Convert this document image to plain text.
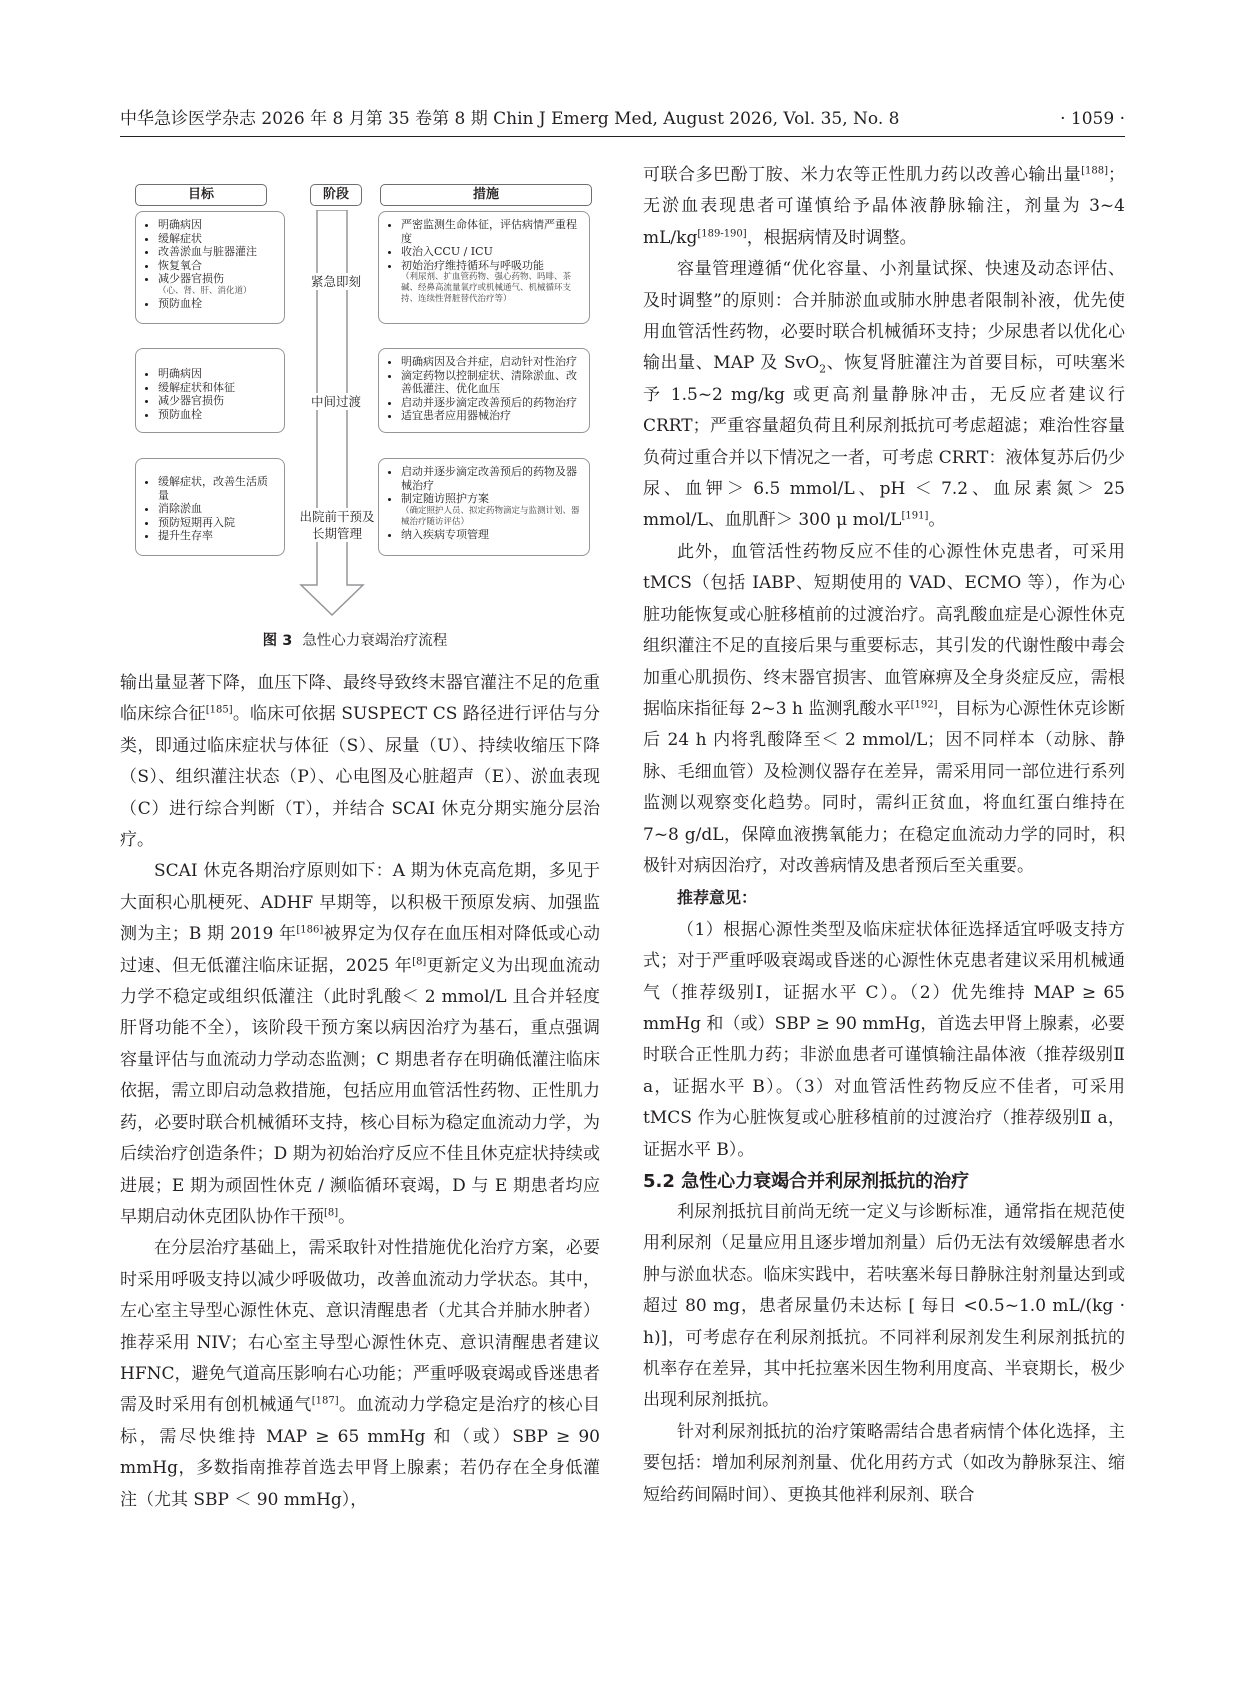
中华急诊医学杂志 2026 年 8 月第 35 卷第 8 期 Chin J Emerg Med, August 2026, Vol. 35, No. 8	· 1059 ·
目标	阶段	措施
紧急即刻
中间过渡
出院前干预及长期管理
• 明确病因
• 缓解症状
• 改善淤血与脏器灌注
• 恢复氧合
• 减少器官损伤
（心、肾、肝、消化道）
• 预防血栓
• 明确病因
• 缓解症状和体征
• 减少器官损伤
• 预防血栓
• 缓解症状，改善生活质量
• 消除淤血
• 预防短期再入院
• 提升生存率
• 严密监测生命体征，评估病情严重程度
• 收治入CCU / ICU
• 初始治疗维持循环与呼吸功能
（利尿剂、扩血管药物、强心药物、吗啡、茶碱、经鼻高流量氧疗或机械通气、机械循环支持、连续性肾脏替代治疗等）
• 明确病因及合并症，启动针对性治疗
• 滴定药物以控制症状、清除淤血、改善低灌注、优化血压
• 启动并逐步滴定改善预后的药物治疗
• 适宜患者应用器械治疗
• 启动并逐步滴定改善预后的药物及器械治疗
• 制定随访照护方案
（确定照护人员、拟定药物滴定与监测计划、器械治疗随访评估）
• 纳入疾病专项管理
图 3 急性心力衰竭治疗流程

输出量显著下降，血压下降、最终导致终末器官灌注不足的危重临床综合征[185]。临床可依据 SUSPECT CS 路径进行评估与分类，即通过临床症状与体征（S）、尿量（U）、持续收缩压下降（S）、组织灌注状态（P）、心电图及心脏超声（E）、淤血表现（C）进行综合判断（T），并结合 SCAI 休克分期实施分层治疗。

SCAI 休克各期治疗原则如下：A 期为休克高危期，多见于大面积心肌梗死、ADHF 早期等，以积极干预原发病、加强监测为主；B 期 2019 年[186]被界定为仅存在血压相对降低或心动过速、但无低灌注临床证据，2025 年[8]更新定义为出现血流动力学不稳定或组织低灌注（此时乳酸＜ 2 mmol/L 且合并轻度肝肾功能不全），该阶段干预方案以病因治疗为基石，重点强调容量评估与血流动力学动态监测；C 期患者存在明确低灌注临床依据，需立即启动急救措施，包括应用血管活性药物、正性肌力药，必要时联合机械循环支持，核心目标为稳定血流动力学，为后续治疗创造条件；D 期为初始治疗反应不佳且休克症状持续或进展；E 期为顽固性休克 / 濒临循环衰竭，D 与 E 期患者均应早期启动休克团队协作干预[8]。

在分层治疗基础上，需采取针对性措施优化治疗方案，必要时采用呼吸支持以减少呼吸做功，改善血流动力学状态。其中，左心室主导型心源性休克、意识清醒患者（尤其合并肺水肿者）推荐采用 NIV；右心室主导型心源性休克、意识清醒患者建议 HFNC，避免气道高压影响右心功能；严重呼吸衰竭或昏迷患者需及时采用有创机械通气[187]。血流动力学稳定是治疗的核心目标，需尽快维持 MAP ≥ 65 mmHg 和（或）SBP ≥ 90 mmHg，多数指南推荐首选去甲肾上腺素；若仍存在全身低灌注（尤其 SBP ＜ 90 mmHg），

可联合多巴酚丁胺、米力农等正性肌力药以改善心输出量[188]；无淤血表现患者可谨慎给予晶体液静脉输注，剂量为 3~4 mL/kg[189-190]，根据病情及时调整。

容量管理遵循“优化容量、小剂量试探、快速及动态评估、及时调整”的原则：合并肺淤血或肺水肿患者限制补液，优先使用血管活性药物，必要时联合机械循环支持；少尿患者以优化心输出量、MAP 及 SvO$_2$、恢复肾脏灌注为首要目标，可呋塞米予 1.5~2 mg/kg 或更高剂量静脉冲击，无反应者建议行 CRRT；严重容量超负荷且利尿剂抵抗可考虑超滤；难治性容量负荷过重合并以下情况之一者，可考虑 CRRT：液体复苏后仍少尿、血钾＞ 6.5 mmol/L、pH ＜ 7.2、血尿素氮＞ 25 mmol/L、血肌酐＞ 300 μ mol/L[191]。

此外，血管活性药物反应不佳的心源性休克患者，可采用 tMCS（包括 IABP、短期使用的 VAD、ECMO 等），作为心脏功能恢复或心脏移植前的过渡治疗。高乳酸血症是心源性休克组织灌注不足的直接后果与重要标志，其引发的代谢性酸中毒会加重心肌损伤、终末器官损害、血管麻痹及全身炎症反应，需根据临床指征每 2~3 h 监测乳酸水平[192]，目标为心源性休克诊断后 24 h 内将乳酸降至＜ 2 mmol/L；因不同样本（动脉、静脉、毛细血管）及检测仪器存在差异，需采用同一部位进行系列监测以观察变化趋势。同时，需纠正贫血，将血红蛋白维持在 7~8 g/dL，保障血液携氧能力；在稳定血流动力学的同时，积极针对病因治疗，对改善病情及患者预后至关重要。

推荐意见：

（1）根据心源性类型及临床症状体征选择适宜呼吸支持方式；对于严重呼吸衰竭或昏迷的心源性休克患者建议采用机械通气（推荐级别Ⅰ，证据水平 C）。（2）优先维持 MAP ≥ 65 mmHg 和（或）SBP ≥ 90 mmHg，首选去甲肾上腺素，必要时联合正性肌力药；非淤血患者可谨慎输注晶体液（推荐级别Ⅱ a，证据水平 B）。（3）对血管活性药物反应不佳者，可采用 tMCS 作为心脏恢复或心脏移植前的过渡治疗（推荐级别Ⅱ a，证据水平 B）。

5.2 急性心力衰竭合并利尿剂抵抗的治疗

利尿剂抵抗目前尚无统一定义与诊断标准，通常指在规范使用利尿剂（足量应用且逐步增加剂量）后仍无法有效缓解患者水肿与淤血状态。临床实践中，若呋塞米每日静脉注射剂量达到或超过 80 mg，患者尿量仍未达标 [ 每日 <0.5~1.0 mL/(kg · h)]，可考虑存在利尿剂抵抗。不同袢利尿剂发生利尿剂抵抗的机率存在差异，其中托拉塞米因生物利用度高、半衰期长，极少出现利尿剂抵抗。

针对利尿剂抵抗的治疗策略需结合患者病情个体化选择，主要包括：增加利尿剂剂量、优化用药方式（如改为静脉泵注、缩短给药间隔时间）、更换其他袢利尿剂、联合
